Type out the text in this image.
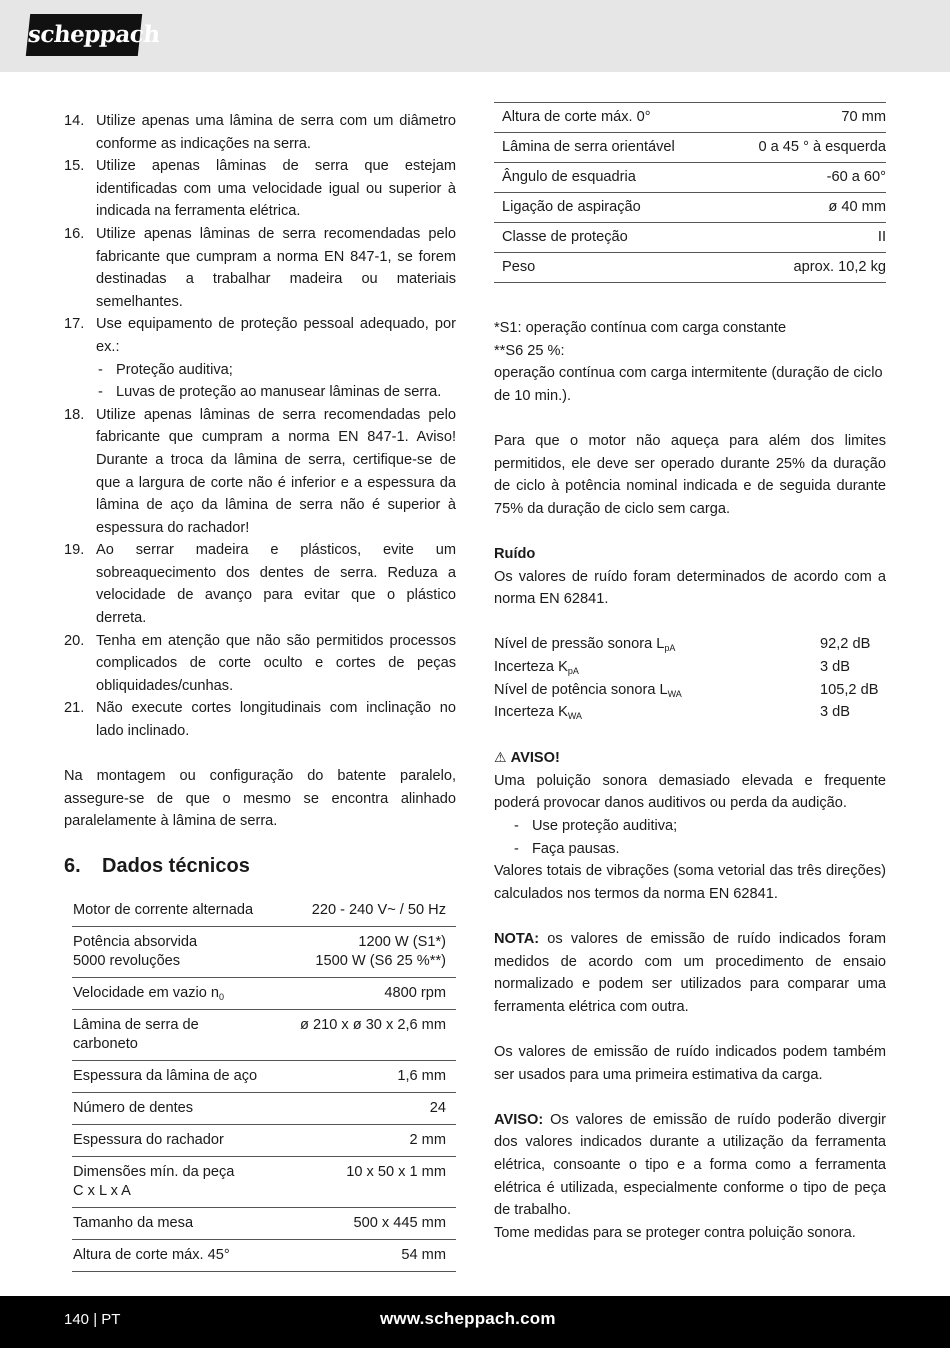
scheppach
14. Utilize apenas uma lâmina de serra com um diâmetro conforme as indicações na serra.
15. Utilize apenas lâminas de serra que estejam identificadas com uma velocidade igual ou superior à indicada na ferramenta elétrica.
16. Utilize apenas lâminas de serra recomendadas pelo fabricante que cumpram a norma EN 847-1, se forem destinadas a trabalhar madeira ou materiais semelhantes.
17. Use equipamento de proteção pessoal adequado, por ex.:
- Proteção auditiva;
- Luvas de proteção ao manusear lâminas de serra.
18. Utilize apenas lâminas de serra recomendadas pelo fabricante que cumpram a norma EN 847-1. Aviso! Durante a troca da lâmina de serra, certifique-se de que a largura de corte não é inferior e a espessura da lâmina de aço da lâmina de serra não é superior à espessura do rachador!
19. Ao serrar madeira e plásticos, evite um sobreaquecimento dos dentes de serra. Reduza a velocidade de avanço para evitar que o plástico derreta.
20. Tenha em atenção que não são permitidos processos complicados de corte oculto e cortes de peças obliquidades/cunhas.
21. Não execute cortes longitudinais com inclinação no lado inclinado.

Na montagem ou configuração do batente paralelo, assegure-se de que o mesmo se encontra alinhado paralelamente à lâmina de serra.

6. Dados técnicos
Motor de corrente alternada	220 - 240 V~ / 50 Hz
Potência absorvida
5000 revoluções	1200 W (S1*)
1500 W (S6 25 %**)
Velocidade em vazio $n_0$	4800 rpm
Lâmina de serra de
carboneto	ø 210 x ø 30 x 2,6 mm
Espessura da lâmina de aço	1,6 mm
Número de dentes	24
Espessura do rachador	2 mm
Dimensões mín. da peça
C x L x A	10 x 50 x 1 mm
Tamanho da mesa	500 x 445 mm
Altura de corte máx. 45°	54 mm
Altura de corte máx. 0°	70 mm
Lâmina de serra orientável	0 a 45 ° à esquerda
Ângulo de esquadria	-60 a 60°
Ligação de aspiração	ø 40 mm
Classe de proteção	II
Peso	aprox. 10,2 kg

*S1: operação contínua com carga constante

**S6 25 %:

operação contínua com carga intermitente (duração de ciclo de 10 min.).

Para que o motor não aqueça para além dos limites permitidos, ele deve ser operado durante 25% da duração de ciclo à potência nominal indicada e de seguida durante 75% da duração de ciclo sem carga.

Ruído

Os valores de ruído foram determinados de acordo com a norma EN 62841.

Nível de pressão sonora $L_{pA}$	92,2 dB
Incerteza $K_{pA}$	3 dB
Nível de potência sonora $L_{WA}$	105,2 dB
Incerteza $K_{WA}$	3 dB

⚠ AVISO!

Uma poluição sonora demasiado elevada e frequente poderá provocar danos auditivos ou perda da audição.

- Use proteção auditiva;
- Faça pausas.

Valores totais de vibrações (soma vetorial das três direções) calculados nos termos da norma EN 62841.

NOTA: os valores de emissão de ruído indicados foram medidos de acordo com um procedimento de ensaio normalizado e podem ser utilizados para comparar uma ferramenta elétrica com outra.

Os valores de emissão de ruído indicados podem também ser usados para uma primeira estimativa da carga.

AVISO: Os valores de emissão de ruído poderão divergir dos valores indicados durante a utilização da ferramenta elétrica, consoante o tipo e a forma como a ferramenta elétrica é utilizada, especialmente conforme o tipo de peça de trabalho.

Tome medidas para se proteger contra poluição sonora.

140 | PT	www.scheppach.com
